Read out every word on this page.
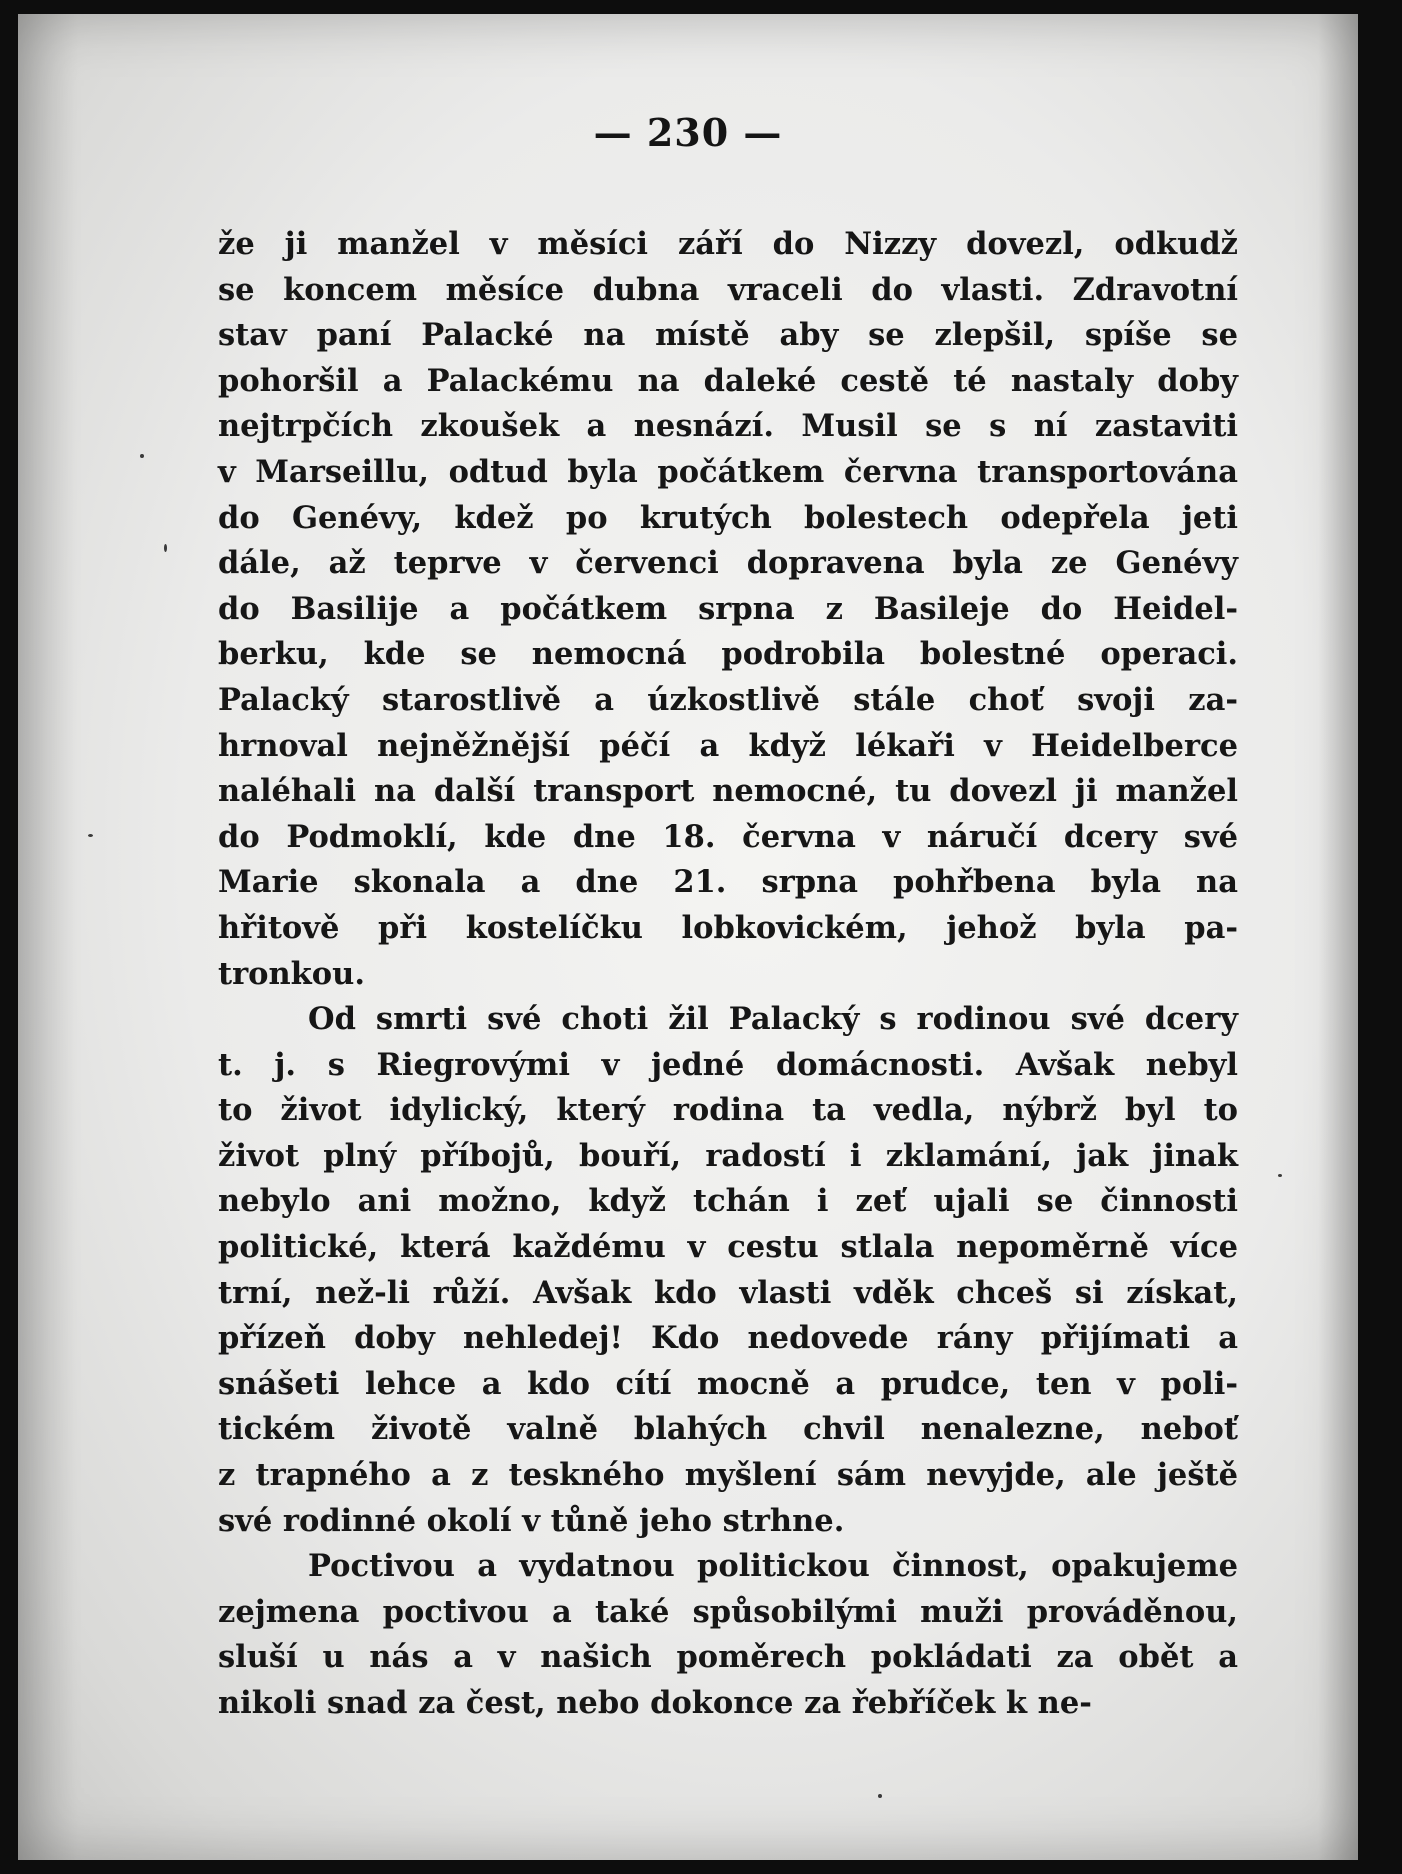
— 230 —
že ji manžel v měsíci září do Nizzy dovezl, odkudž
se koncem měsíce dubna vraceli do vlasti. Zdravotní
stav paní Palacké na místě aby se zlepšil, spíše se
pohoršil a Palackému na daleké cestě té nastaly doby
nejtrpčích zkoušek a nesnází. Musil se s ní zastaviti
v Marseillu, odtud byla počátkem června transportována
do Genévy, kdež po krutých bolestech odepřela jeti
dále, až teprve v červenci dopravena byla ze Genévy
do Basilije a počátkem srpna z Basileje do Heidel-
berku, kde se nemocná podrobila bolestné operaci.
Palacký starostlivě a úzkostlivě stále choť svoji za-
hrnoval nejněžnější péčí a když lékaři v Heidelberce
naléhali na další transport nemocné, tu dovezl ji manžel
do Podmoklí, kde dne 18. června v náručí dcery své
Marie skonala a dne 21. srpna pohřbena byla na
hřitově při kostelíčku lobkovickém, jehož byla pa-
tronkou.
Od smrti své choti žil Palacký s rodinou své dcery
t. j. s Riegrovými v jedné domácnosti. Avšak nebyl
to život idylický, který rodina ta vedla, nýbrž byl to
život plný příbojů, bouří, radostí i zklamání, jak jinak
nebylo ani možno, když tchán i zeť ujali se činnosti
politické, která každému v cestu stlala nepoměrně více
trní, než-li růží. Avšak kdo vlasti vděk chceš si získat,
přízeň doby nehledej! Kdo nedovede rány přijímati a
snášeti lehce a kdo cítí mocně a prudce, ten v poli-
tickém životě valně blahých chvil nenalezne, neboť
z trapného a z teskného myšlení sám nevyjde, ale ještě
své rodinné okolí v tůně jeho strhne.
Poctivou a vydatnou politickou činnost, opakujeme
zejmena poctivou a také spůsobilými muži prováděnou,
sluší u nás a v našich poměrech pokládati za obět a
nikoli snad za čest, nebo dokonce za řebříček k ne-
